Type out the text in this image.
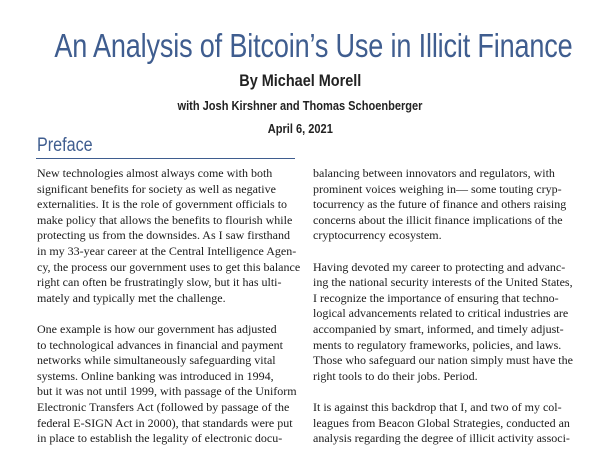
An Analysis of Bitcoin’s Use in Illicit Finance
By Michael Morell
with Josh Kirshner and Thomas Schoenberger
April 6, 2021
Preface

New technologies almost always come with both
significant benefits for society as well as negative
externalities. It is the role of government officials to
make policy that allows the benefits to flourish while
protecting us from the downsides. As I saw firsthand
in my 33-year career at the Central Intelligence Agen-
cy, the process our government uses to get this balance
right can often be frustratingly slow, but it has ulti-
mately and typically met the challenge.

One example is how our government has adjusted
to technological advances in financial and payment
networks while simultaneously safeguarding vital
systems. Online banking was introduced in 1994,
but it was not until 1999, with passage of the Uniform
Electronic Transfers Act (followed by passage of the
federal E-SIGN Act in 2000), that standards were put
in place to establish the legality of electronic docu-

balancing between innovators and regulators, with
prominent voices weighing in— some touting cryp-
tocurrency as the future of finance and others raising
concerns about the illicit finance implications of the
cryptocurrency ecosystem.

Having devoted my career to protecting and advanc-
ing the national security interests of the United States,
I recognize the importance of ensuring that techno-
logical advancements related to critical industries are
accompanied by smart, informed, and timely adjust-
ments to regulatory frameworks, policies, and laws.
Those who safeguard our nation simply must have the
right tools to do their jobs. Period.

It is against this backdrop that I, and two of my col-
leagues from Beacon Global Strategies, conducted an
analysis regarding the degree of illicit activity associ-
